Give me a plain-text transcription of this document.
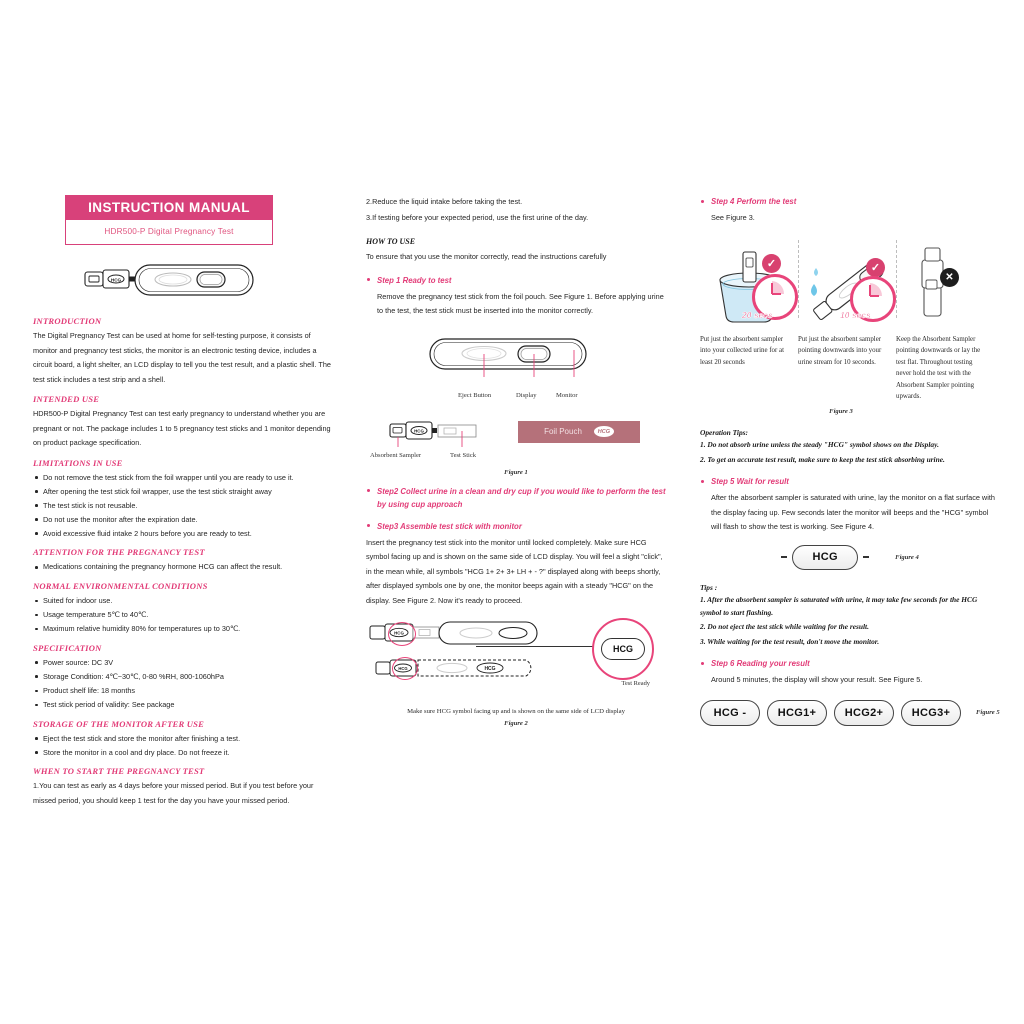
INSTRUCTION MANUAL
HDR500-P Digital Pregnancy Test
HCG
INTRODUCTION

The Digital Pregnancy Test can be used at home for self-testing purpose, it consists of monitor and pregnancy test sticks, the monitor is an electronic testing device, includes a circuit board, a light shelter, an LCD display to tell you the test result, and a plastic shell. The test stick includes a test strip and a shell.

INTENDED USE

HDR500-P Digital Pregnancy Test can test early pregnancy to understand whether you are pregnant or not. The package includes 1 to 5 pregnancy test sticks and 1 monitor depending on product package specification.

LIMITATIONS IN USE
Do not remove the test stick from the foil wrapper until you are ready to use it.
After opening the test stick foil wrapper, use the test stick straight away
The test stick is not reusable.
Do not use the monitor after the expiration date.
Avoid excessive fluid intake 2 hours before you are ready to test.
ATTENTION FOR THE PREGNANCY TEST
Medications containing the pregnancy hormone HCG can affect the result.
NORMAL ENVIRONMENTAL CONDITIONS
Suited for indoor use.
Usage temperature 5℃ to 40℃.
Maximum relative humidity 80% for temperatures up to 30℃.
SPECIFICATION
Power source: DC 3V
Storage Condition: 4℃~30℃, 0-80 %RH, 800-1060hPa
Product shelf life: 18 months
Test stick period of validity: See package
STORAGE OF THE MONITOR AFTER USE
Eject the test stick and store the monitor after finishing a test.
Store the monitor in a cool and dry place. Do not freeze it.
WHEN TO START THE PREGNANCY TEST

1.You can test as early as 4 days before your missed period. But if you test before your missed period, you should keep 1 test for the day you have your missed period.

2.Reduce the liquid intake before taking the test.

3.If testing before your expected period, use the first urine of the day.

HOW TO USE

To ensure that you use the monitor correctly, read the instructions carefully

Step 1 Ready to test

Remove the pregnancy test stick from the foil pouch. See Figure 1. Before applying urine to the test, the test stick must be inserted into the monitor correctly.

Eject Button	Display	Monitor
HCG	Foil Pouch	HCG
Absorbent Sampler	Test Stick
Figure 1
Step2 Collect urine in a clean and dry cup if you would like to perform the test by using cup approach
Step3 Assemble test stick with monitor

Insert the pregnancy test stick into the monitor until locked completely. Make sure HCG symbol facing up and is shown on the same side of LCD display. You will feel a slight "click", in the mean while, all symbols "HCG 1+ 2+ 3+ LH + - ?" displayed along with beeps shortly, after displayed symbols one by one, the monitor beeps again with a steady "HCG" on the display. See Figure 2. Now it's ready to proceed.

HCG
HCG	HCG
HCG
Test Ready
Make sure HCG symbol facing up and is shown on the same side of LCD display
Figure 2
Step 4 Perform the test

See Figure 3.

✓
20 secs
✓
10 secs
✕
Put just the absorbent sampler into your collected urine for at least 20 seconds
Put just the absorbent sampler pointing downwards into your urine stream for 10 seconds.
Keep the Absorbent Sampler pointing downwards or lay the test flat. Throughout testing never hold the test with the Absorbent Sampler pointing upwards.
Figure 3
Operation Tips:

1. Do not absorb urine unless the steady "HCG" symbol shows on the Display.

2. To get an accurate test result, make sure to keep the test stick absorbing urine.

Step 5 Wait for result

After the absorbent sampler is saturated with urine, lay the monitor on a flat surface with the display facing up. Few seconds later the monitor will beeps and the "HCG" symbol will flash to show the test is working. See Figure 4.

HCG	Figure 4
Tips :

1. After the absorbent sampler is saturated with urine, it may take few seconds for the HCG symbol to start flashing.

2. Do not eject the test stick while waiting for the result.

3. While waiting for the test result, don't move the monitor.

Step 6 Reading your result

Around 5 minutes, the display will show your result. See Figure 5.

HCG -	HCG1+	HCG2+	HCG3+	Figure 5
